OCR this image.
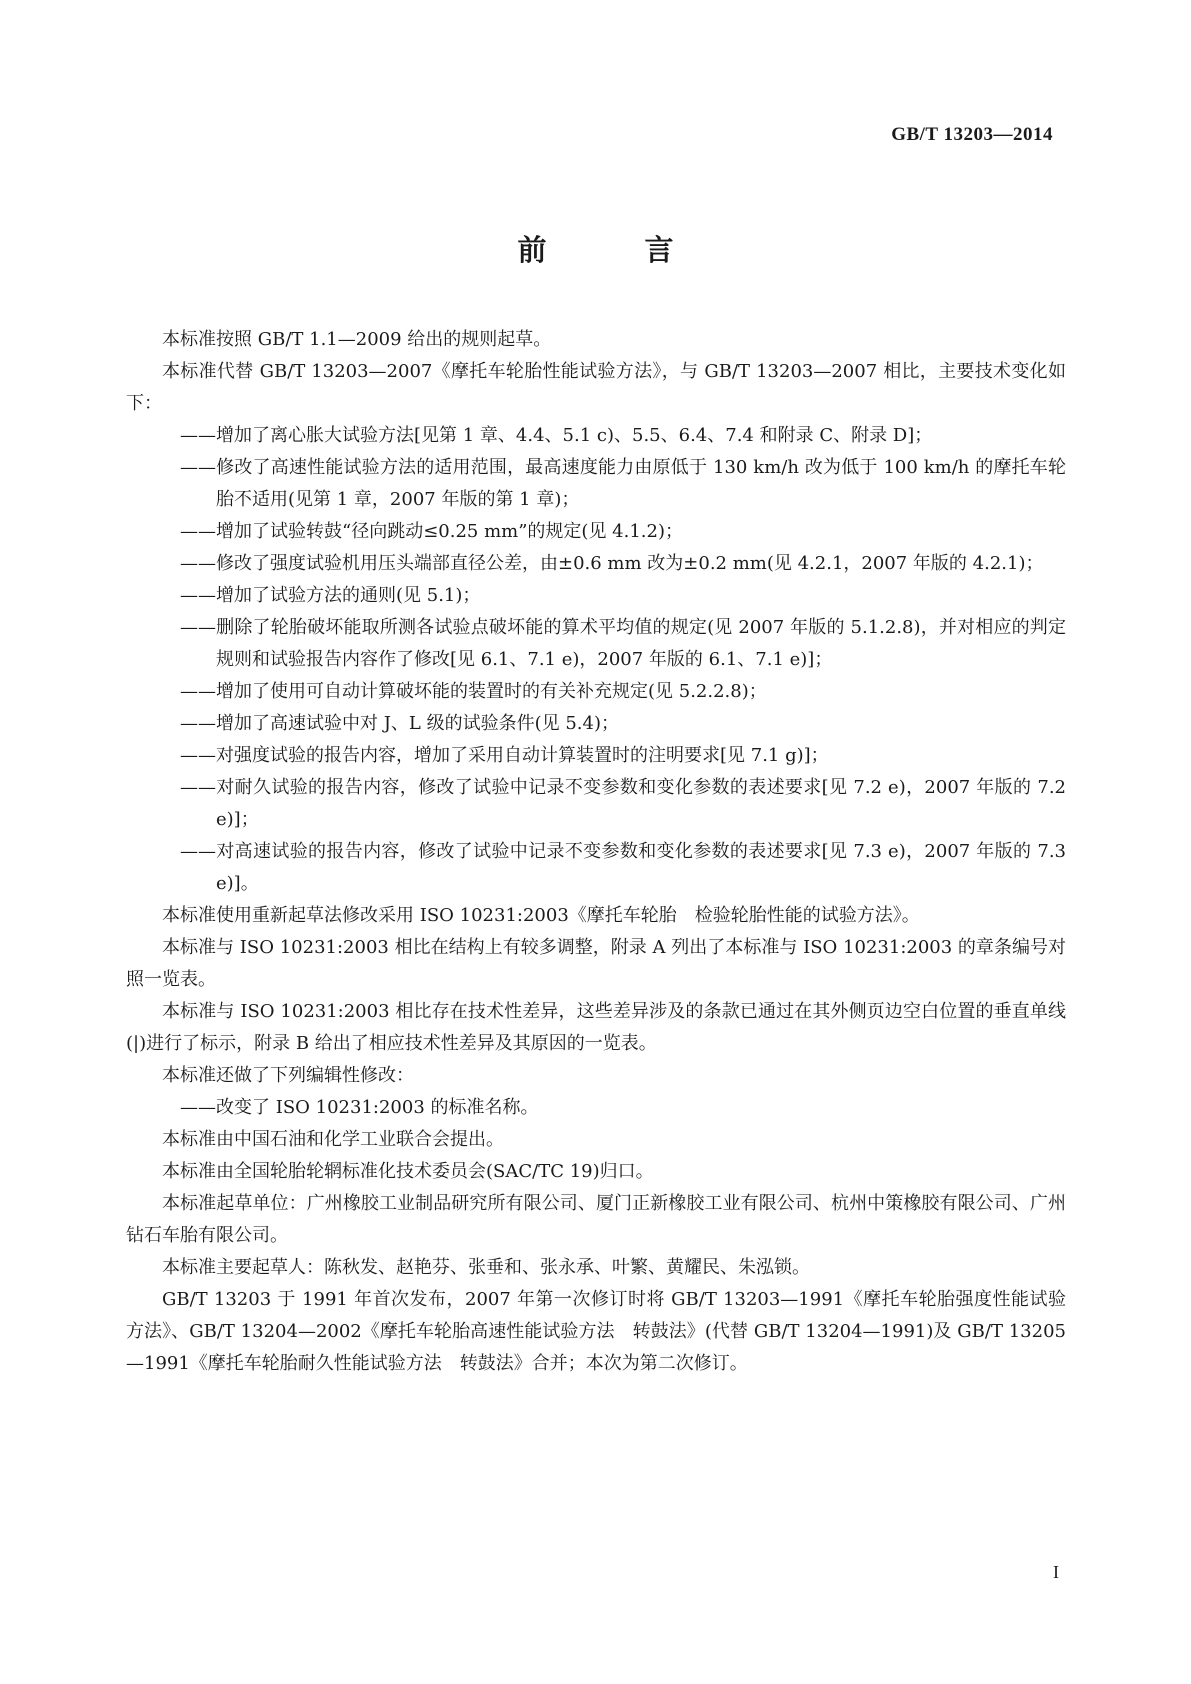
GB/T 13203—2014
前 言

本标准按照 GB/T 1.1—2009 给出的规则起草。

本标准代替 GB/T 13203—2007《摩托车轮胎性能试验方法》，与 GB/T 13203—2007 相比，主要技术变化如下：

——增加了离心胀大试验方法[见第 1 章、4.4、5.1 c)、5.5、6.4、7.4 和附录 C、附录 D]；

——修改了高速性能试验方法的适用范围，最高速度能力由原低于 130 km/h 改为低于 100 km/h 的摩托车轮胎不适用(见第 1 章，2007 年版的第 1 章)；

——增加了试验转鼓“径向跳动≤0.25 mm”的规定(见 4.1.2)；

——修改了强度试验机用压头端部直径公差，由±0.6 mm 改为±0.2 mm(见 4.2.1，2007 年版的 4.2.1)；

——增加了试验方法的通则(见 5.1)；

——删除了轮胎破坏能取所测各试验点破坏能的算术平均值的规定(见 2007 年版的 5.1.2.8)，并对相应的判定规则和试验报告内容作了修改[见 6.1、7.1 e)，2007 年版的 6.1、7.1 e)]；

——增加了使用可自动计算破坏能的装置时的有关补充规定(见 5.2.2.8)；

——增加了高速试验中对 J、L 级的试验条件(见 5.4)；

——对强度试验的报告内容，增加了采用自动计算装置时的注明要求[见 7.1 g)]；

——对耐久试验的报告内容，修改了试验中记录不变参数和变化参数的表述要求[见 7.2 e)，2007 年版的 7.2 e)]；

——对高速试验的报告内容，修改了试验中记录不变参数和变化参数的表述要求[见 7.3 e)，2007 年版的 7.3 e)]。

本标准使用重新起草法修改采用 ISO 10231:2003《摩托车轮胎　检验轮胎性能的试验方法》。

本标准与 ISO 10231:2003 相比在结构上有较多调整，附录 A 列出了本标准与 ISO 10231:2003 的章条编号对照一览表。

本标准与 ISO 10231:2003 相比存在技术性差异，这些差异涉及的条款已通过在其外侧页边空白位置的垂直单线(|)进行了标示，附录 B 给出了相应技术性差异及其原因的一览表。

本标准还做了下列编辑性修改：

——改变了 ISO 10231:2003 的标准名称。

本标准由中国石油和化学工业联合会提出。

本标准由全国轮胎轮辋标准化技术委员会(SAC/TC 19)归口。

本标准起草单位：广州橡胶工业制品研究所有限公司、厦门正新橡胶工业有限公司、杭州中策橡胶有限公司、广州钻石车胎有限公司。

本标准主要起草人：陈秋发、赵艳芬、张垂和、张永承、叶繁、黄耀民、朱泓锁。

GB/T 13203 于 1991 年首次发布，2007 年第一次修订时将 GB/T 13203—1991《摩托车轮胎强度性能试验方法》、GB/T 13204—2002《摩托车轮胎高速性能试验方法　转鼓法》(代替 GB/T 13204—1991)及 GB/T 13205—1991《摩托车轮胎耐久性能试验方法　转鼓法》合并；本次为第二次修订。

I
